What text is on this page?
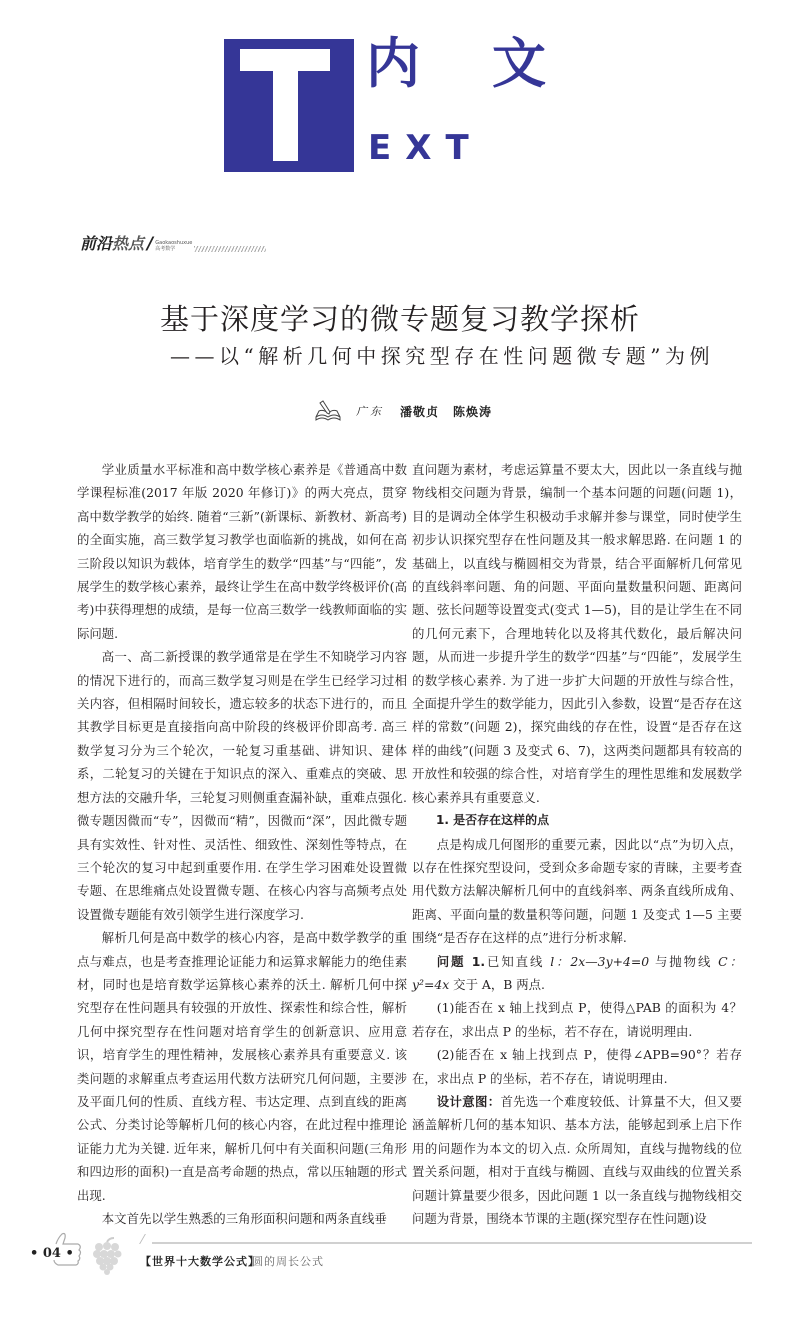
内 文
EXT
前沿热点 / Gaokaoshuxue
高考数学
基于深度学习的微专题复习教学探析
——以“解析几何中探究型存在性问题微专题”为例
广东 潘敬贞 陈焕涛

学业质量水平标准和高中数学核心素养是《普通高中数学课程标准(2017 年版 2020 年修订)》的两大亮点，贯穿高中数学教学的始终. 随着“三新”(新课标、新教材、新高考)的全面实施，高三数学复习教学也面临新的挑战，如何在高三阶段以知识为载体，培育学生的数学“四基”与“四能”，发展学生的数学核心素养，最终让学生在高中数学终极评价(高考)中获得理想的成绩，是每一位高三数学一线教师面临的实际问题.

高一、高二新授课的教学通常是在学生不知晓学习内容的情况下进行的，而高三数学复习则是在学生已经学习过相关内容，但相隔时间较长，遗忘较多的状态下进行的，而且其教学目标更是直接指向高中阶段的终极评价即高考. 高三数学复习分为三个轮次，一轮复习重基础、讲知识、建体系，二轮复习的关键在于知识点的深入、重难点的突破、思想方法的交融升华，三轮复习则侧重查漏补缺，重难点强化. 微专题因微而“专”，因微而“精”，因微而“深”，因此微专题具有实效性、针对性、灵活性、细致性、深刻性等特点，在三个轮次的复习中起到重要作用. 在学生学习困难处设置微专题、在思维痛点处设置微专题、在核心内容与高频考点处设置微专题能有效引领学生进行深度学习.

解析几何是高中数学的核心内容，是高中数学教学的重点与难点，也是考查推理论证能力和运算求解能力的绝佳素材，同时也是培育数学运算核心素养的沃土. 解析几何中探究型存在性问题具有较强的开放性、探索性和综合性，解析几何中探究型存在性问题对培育学生的创新意识、应用意识，培育学生的理性精神，发展核心素养具有重要意义. 该类问题的求解重点考查运用代数方法研究几何问题，主要涉及平面几何的性质、直线方程、韦达定理、点到直线的距离公式、分类讨论等解析几何的核心内容，在此过程中推理论证能力尤为关键. 近年来，解析几何中有关面积问题(三角形和四边形的面积)一直是高考命题的热点，常以压轴题的形式出现.

本文首先以学生熟悉的三角形面积问题和两条直线垂

直问题为素材，考虑运算量不要太大，因此以一条直线与抛物线相交问题为背景，编制一个基本问题的问题(问题 1)，目的是调动全体学生积极动手求解并参与课堂，同时使学生初步认识探究型存在性问题及其一般求解思路. 在问题 1 的基础上，以直线与椭圆相交为背景，结合平面解析几何常见的直线斜率问题、角的问题、平面向量数量积问题、距离问题、弦长问题等设置变式(变式 1—5)，目的是让学生在不同的几何元素下，合理地转化以及将其代数化，最后解决问题，从而进一步提升学生的数学“四基”与“四能”，发展学生的数学核心素养. 为了进一步扩大问题的开放性与综合性，全面提升学生的数学能力，因此引入参数，设置“是否存在这样的常数”(问题 2)，探究曲线的存在性，设置“是否存在这样的曲线”(问题 3 及变式 6、7)，这两类问题都具有较高的开放性和较强的综合性，对培育学生的理性思维和发展数学核心素养具有重要意义.

1. 是否存在这样的点

点是构成几何图形的重要元素，因此以“点”为切入点，以存在性探究型设问，受到众多命题专家的青睐，主要考查用代数方法解决解析几何中的直线斜率、两条直线所成角、距离、平面向量的数量积等问题，问题 1 及变式 1—5 主要围绕“是否存在这样的点”进行分析求解.

问题 1.已知直线 l：2x—3y+4=0 与抛物线 C：y²=4x 交于 A，B 两点.

(1)能否在 x 轴上找到点 P，使得△PAB 的面积为 4？若存在，求出点 P 的坐标，若不存在，请说明理由.

(2)能否在 x 轴上找到点 P，使得∠APB=90°？若存在，求出点 P 的坐标，若不存在，请说明理由.

设计意图：首先选一个难度较低、计算量不大，但又要涵盖解析几何的基本知识、基本方法，能够起到承上启下作用的问题作为本文的切入点. 众所周知，直线与抛物线的位置关系问题，相对于直线与椭圆、直线与双曲线的位置关系问题计算量要少很多，因此问题 1 以一条直线与抛物线相交问题为背景，围绕本节课的主题(探究型存在性问题)设

• 04 •
【世界十大数学公式】
圆的周长公式
